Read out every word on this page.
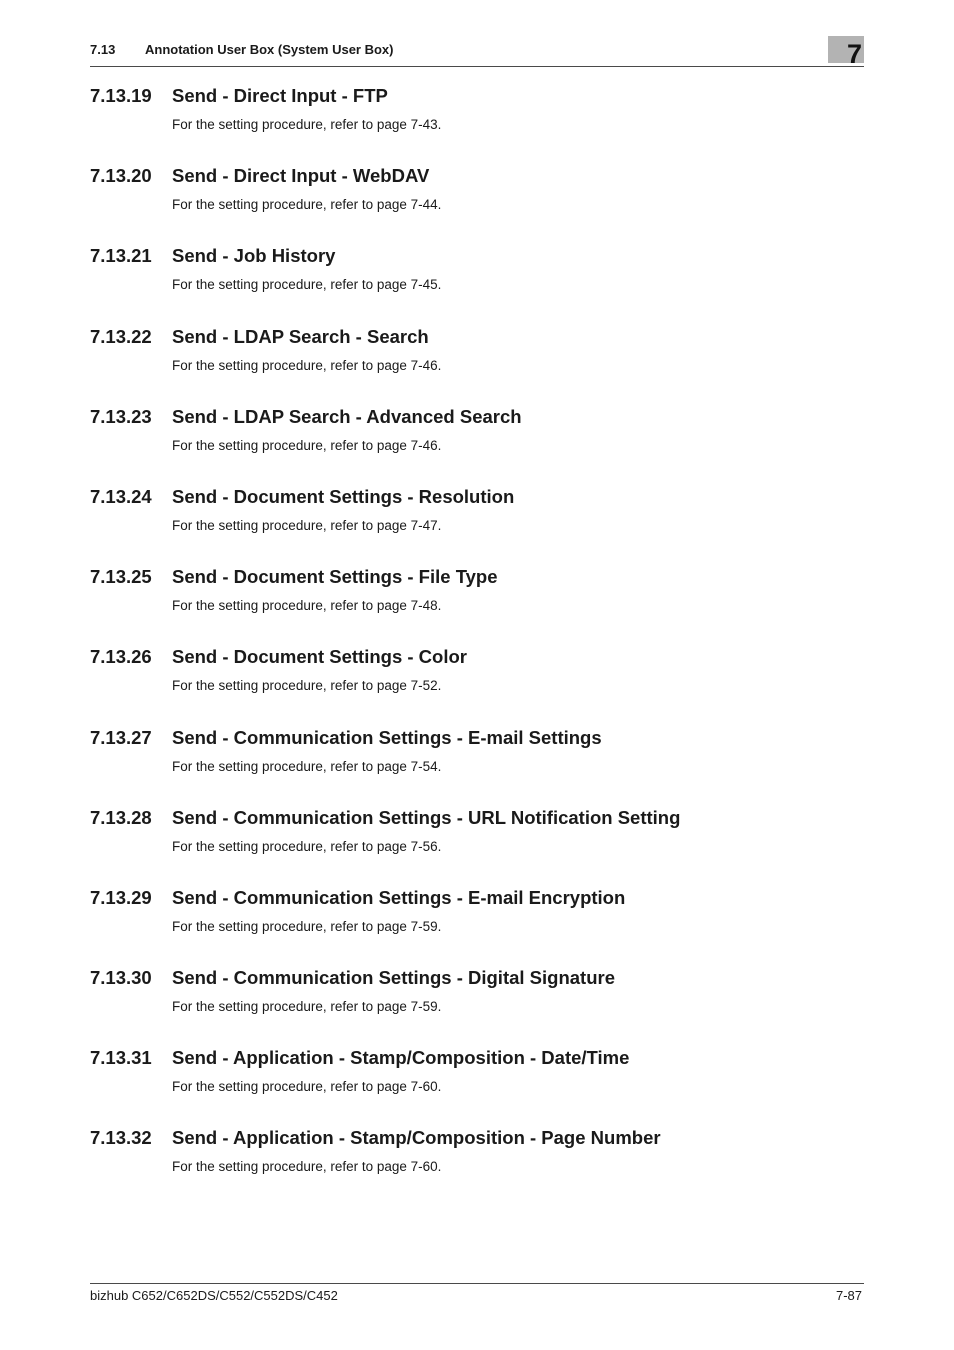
7.13 Annotation User Box (System User Box)	7
7.13.19 Send - Direct Input - FTP
For the setting procedure, refer to page 7-43.
7.13.20 Send - Direct Input - WebDAV
For the setting procedure, refer to page 7-44.
7.13.21 Send - Job History
For the setting procedure, refer to page 7-45.
7.13.22 Send - LDAP Search - Search
For the setting procedure, refer to page 7-46.
7.13.23 Send - LDAP Search - Advanced Search
For the setting procedure, refer to page 7-46.
7.13.24 Send - Document Settings - Resolution
For the setting procedure, refer to page 7-47.
7.13.25 Send - Document Settings - File Type
For the setting procedure, refer to page 7-48.
7.13.26 Send - Document Settings - Color
For the setting procedure, refer to page 7-52.
7.13.27 Send - Communication Settings - E-mail Settings
For the setting procedure, refer to page 7-54.
7.13.28 Send - Communication Settings - URL Notification Setting
For the setting procedure, refer to page 7-56.
7.13.29 Send - Communication Settings - E-mail Encryption
For the setting procedure, refer to page 7-59.
7.13.30 Send - Communication Settings - Digital Signature
For the setting procedure, refer to page 7-59.
7.13.31 Send - Application - Stamp/Composition - Date/Time
For the setting procedure, refer to page 7-60.
7.13.32 Send - Application - Stamp/Composition - Page Number
For the setting procedure, refer to page 7-60.
bizhub C652/C652DS/C552/C552DS/C452	7-87
